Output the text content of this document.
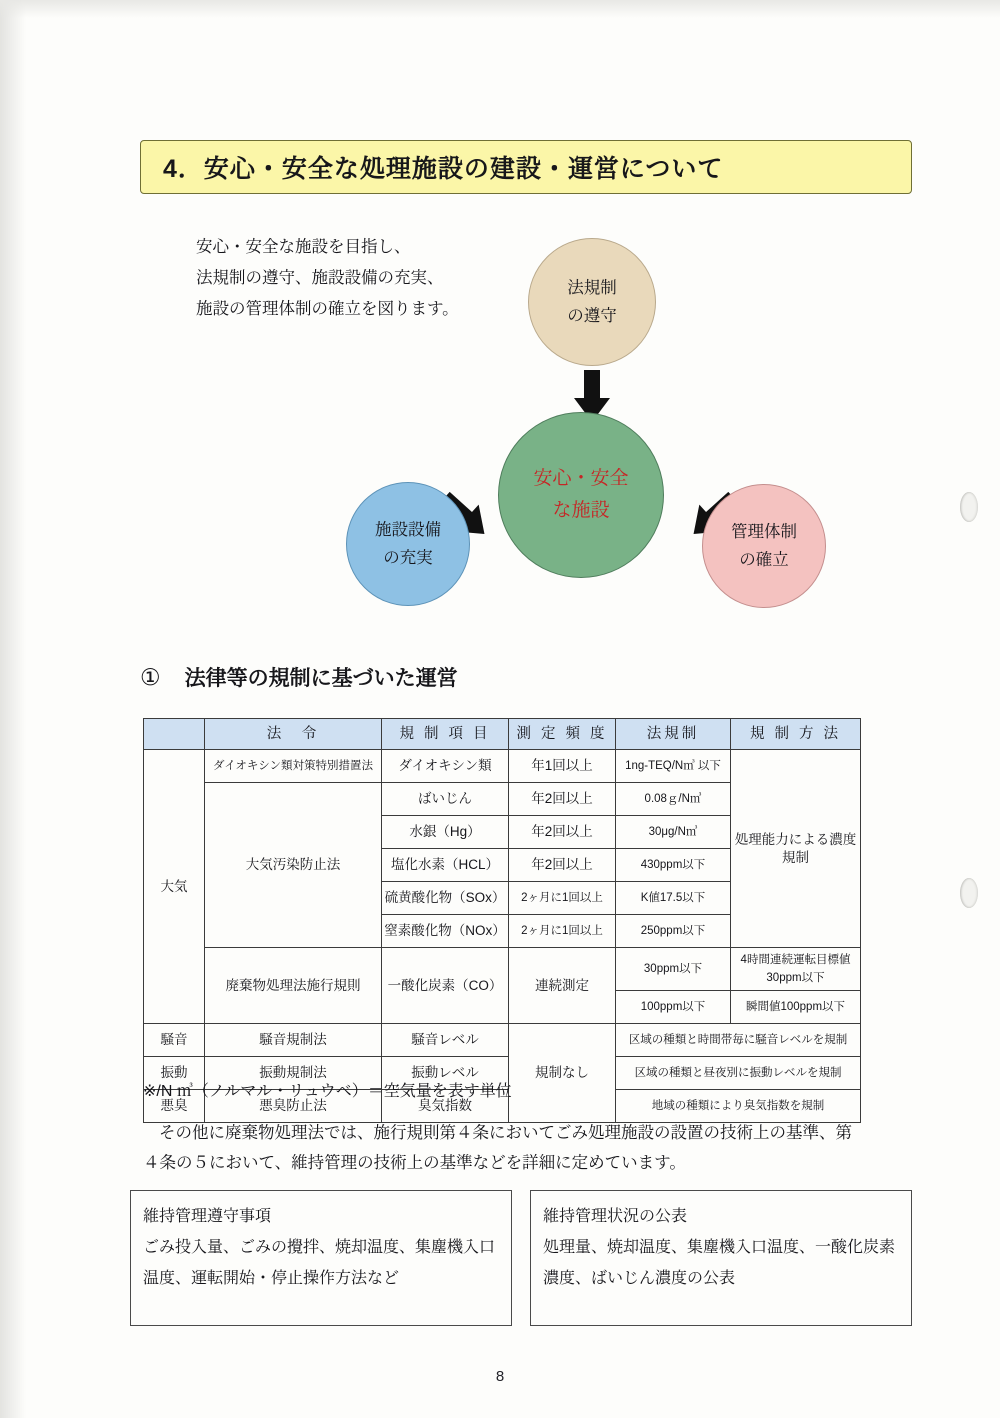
4．安心・安全な処理施設の建設・運営について
安心・安全な施設を目指し、
法規制の遵守、施設設備の充実、
施設の管理体制の確立を図ります。
法規制
の遵守
安心・安全
な施設
施設設備
の充実
管理体制
の確立
① 法律等の規制に基づいた運営
	法　令	規 制 項 目	測 定 頻 度	法規制	規 制 方 法
大気	ダイオキシン類対策特別措置法	ダイオキシン類	年1回以上	1ng-TEQ/N㎥ 以下	処理能力による濃度規制
	大気汚染防止法	ばいじん	年2回以上	0.08ｇ/N㎥	
		水銀（Hg）	年2回以上	30μg/N㎥	
		塩化水素（HCL）	年2回以上	430ppm以下	
		硫黄酸化物（SOx）	2ヶ月に1回以上	K値17.5以下	
		窒素酸化物（NOx）	2ヶ月に1回以上	250ppm以下	
	廃棄物処理法施行規則	一酸化炭素（CO）	連続測定	30ppm以下	4時間連続運転目標値30ppm以下
				100ppm以下	瞬間値100ppm以下
騒音	騒音規制法	騒音レベル	規制なし	区域の種類と時間帯毎に騒音レベルを規制	
振動	振動規制法	振動レベル		区域の種類と昼夜別に振動レベルを規制	
悪臭	悪臭防止法	臭気指数		地域の種類により臭気指数を規制	
※/N ㎥（ノルマル・リュウベ）＝空気量を表す単位
その他に廃棄物処理法では、施行規則第４条においてごみ処理施設の設置の技術上の基準、第４条の５において、維持管理の技術上の基準などを詳細に定めています。
維持管理遵守事項
ごみ投入量、ごみの攪拌、焼却温度、集塵機入口温度、運転開始・停止操作方法など
維持管理状況の公表
処理量、焼却温度、集塵機入口温度、一酸化炭素濃度、ばいじん濃度の公表
8
